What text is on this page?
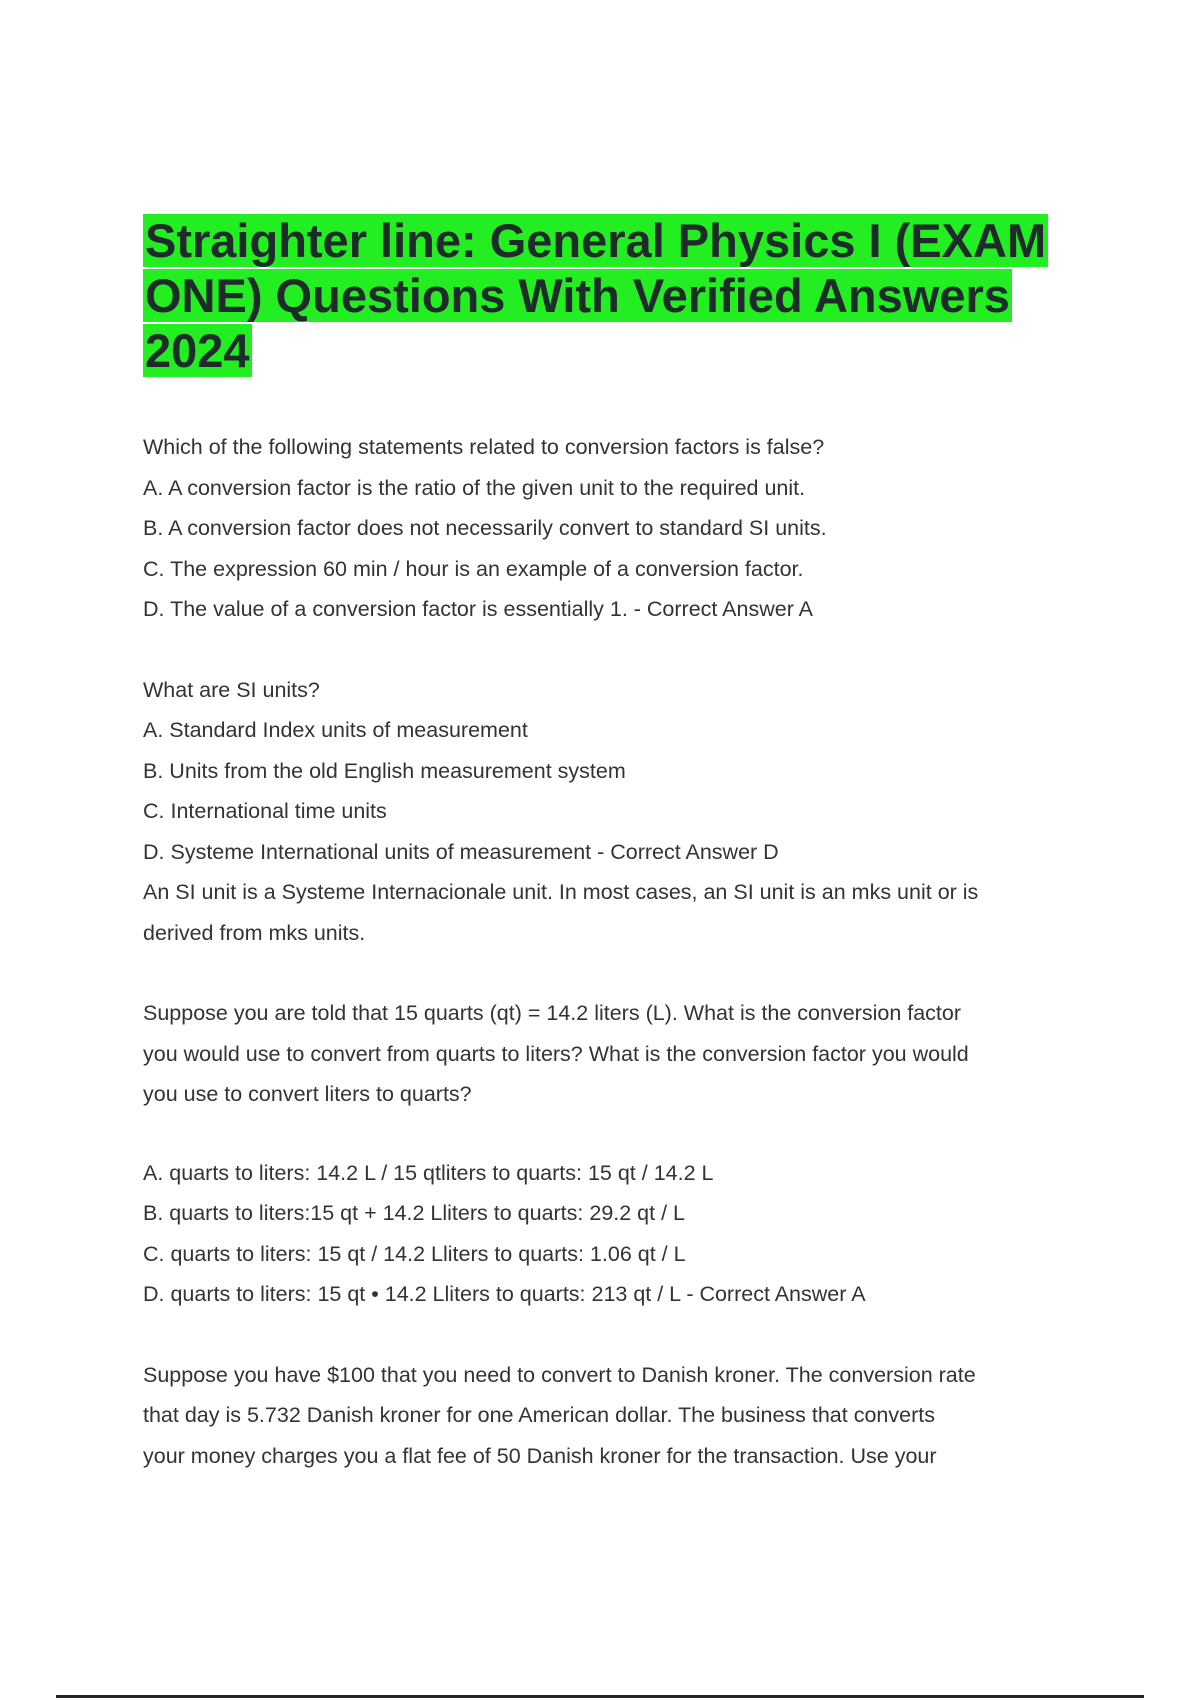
Straighter line: General Physics I (EXAM ONE) Questions With Verified Answers 2024
Which of the following statements related to conversion factors is false?
A. A conversion factor is the ratio of the given unit to the required unit.
B. A conversion factor does not necessarily convert to standard SI units.
C. The expression 60 min / hour is an example of a conversion factor.
D. The value of a conversion factor is essentially 1. - Correct Answer A
What are SI units?
A. Standard Index units of measurement
B. Units from the old English measurement system
C. International time units
D. Systeme International units of measurement - Correct Answer D
An SI unit is a Systeme Internacionale unit. In most cases, an SI unit is an mks unit or is
derived from mks units.
Suppose you are told that 15 quarts (qt) = 14.2 liters (L). What is the conversion factor
you would use to convert from quarts to liters? What is the conversion factor you would
you use to convert liters to quarts?
A. quarts to liters: 14.2 L / 15 qtliters to quarts: 15 qt / 14.2 L
B. quarts to liters:15 qt + 14.2 Lliters to quarts: 29.2 qt / L
C. quarts to liters: 15 qt / 14.2 Lliters to quarts: 1.06 qt / L
D. quarts to liters: 15 qt • 14.2 Lliters to quarts: 213 qt / L - Correct Answer A
Suppose you have $100 that you need to convert to Danish kroner. The conversion rate
that day is 5.732 Danish kroner for one American dollar. The business that converts
your money charges you a flat fee of 50 Danish kroner for the transaction. Use your
